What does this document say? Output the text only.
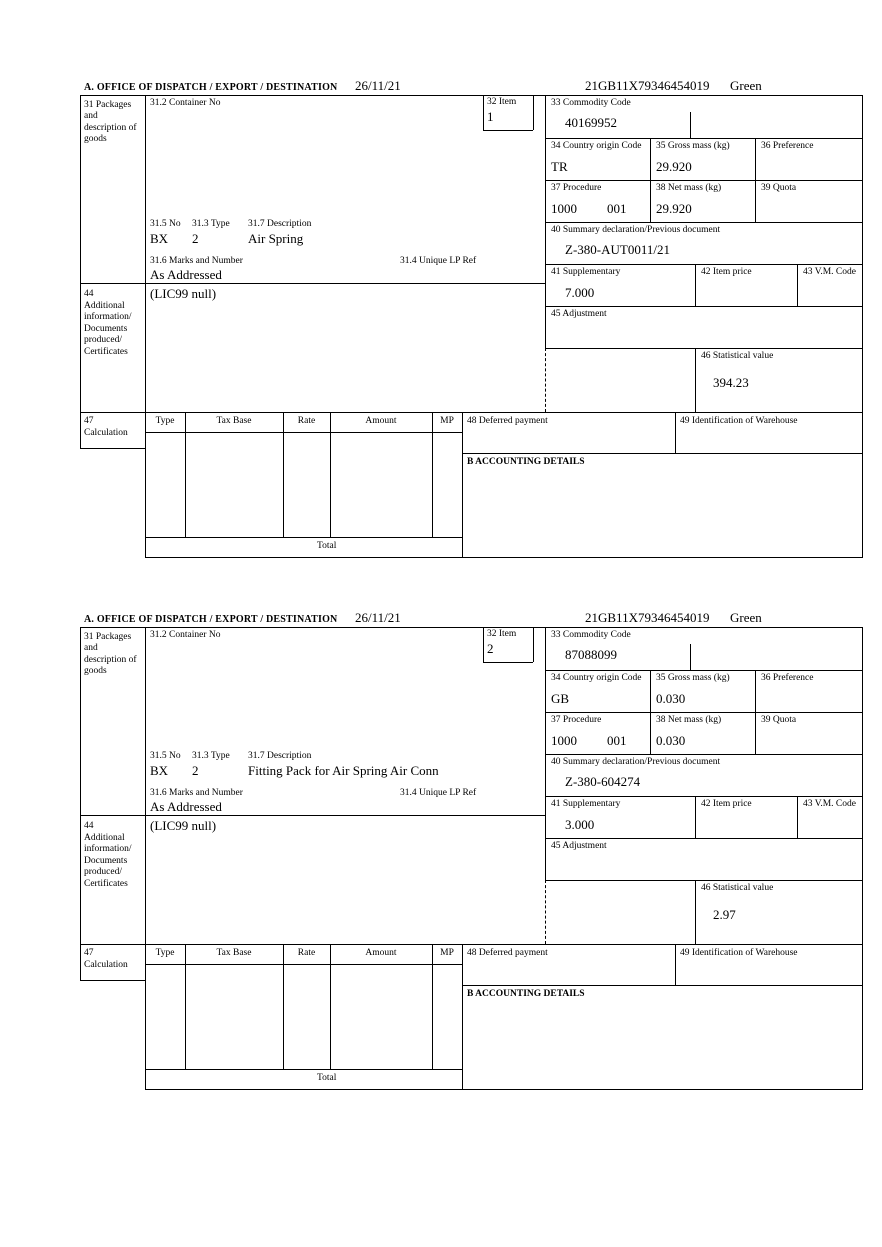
A. OFFICE OF DISPATCH / EXPORT / DESTINATION 26/11/21	21GB11X79346454019 Green
31 Packages and description of goods
44
Additional information/ Documents produced/ Certificates
47
Calculation
31.2 Container No
31.5 No 31.3 Type 31.7 Description
BX 2	Air Spring
31.6 Marks and Number	31.4 Unique LP Ref
As Addressed
(LIC99 null)
32 Item
1
33 Commodity Code
40169952
34 Country origin Code
TR
35 Gross mass (kg)
29.920
36 Preference
37 Procedure
1000 001
38 Net mass (kg)
29.920
39 Quota
40 Summary declaration/Previous document
Z-380-AUT0011/21
41 Supplementary
7.000
42 Item price	43 V.M. Code
45 Adjustment
46 Statistical value
394.23
Type	Tax Base	Rate	Amount	MP
Total
48 Deferred payment	49 Identification of Warehouse
B ACCOUNTING DETAILS
A. OFFICE OF DISPATCH / EXPORT / DESTINATION 26/11/21	21GB11X79346454019 Green
31 Packages and description of goods
44
Additional information/ Documents produced/ Certificates
47
Calculation
31.2 Container No
31.5 No 31.3 Type 31.7 Description
BX 2	Fitting Pack for Air Spring Air Conn
31.6 Marks and Number	31.4 Unique LP Ref
As Addressed
(LIC99 null)
32 Item
2
33 Commodity Code
87088099
34 Country origin Code
GB
35 Gross mass (kg)
0.030
36 Preference
37 Procedure
1000 001
38 Net mass (kg)
0.030
39 Quota
40 Summary declaration/Previous document
Z-380-604274
41 Supplementary
3.000
42 Item price	43 V.M. Code
45 Adjustment
46 Statistical value
2.97
Type	Tax Base	Rate	Amount	MP
Total
48 Deferred payment	49 Identification of Warehouse
B ACCOUNTING DETAILS
